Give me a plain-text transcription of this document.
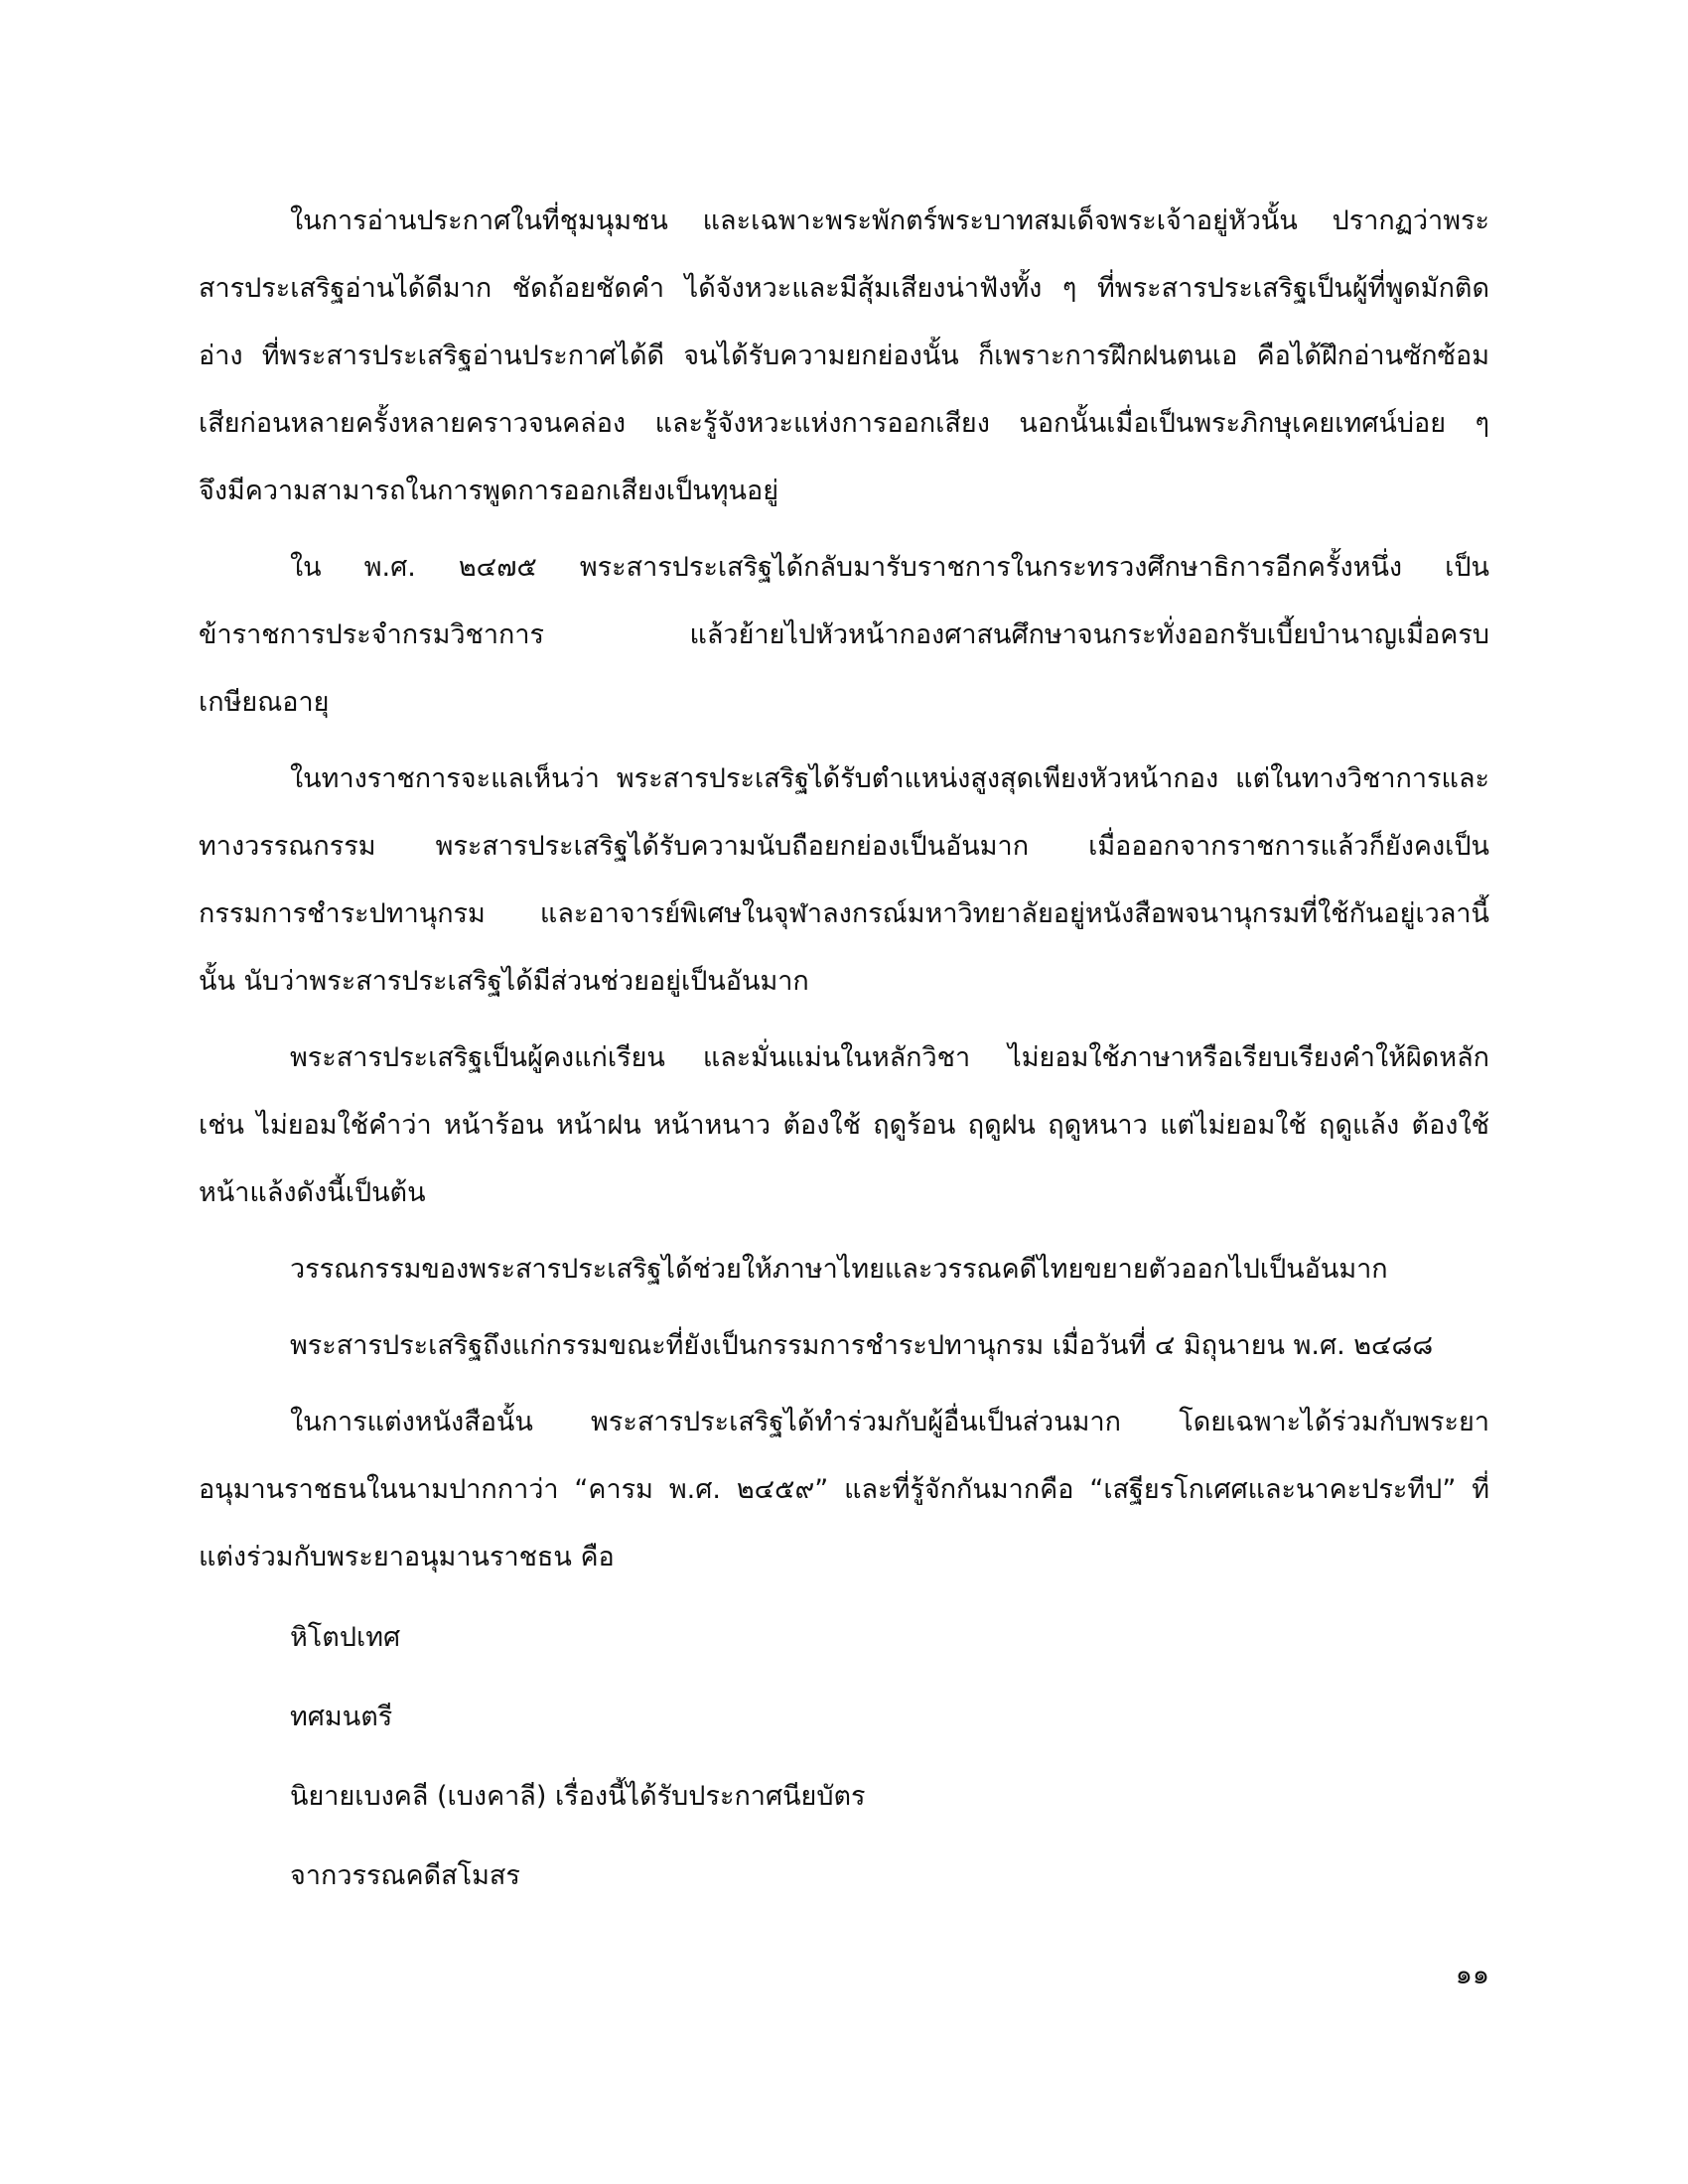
ในการอ่านประกาศในที่ชุมนุมชน และเฉพาะพระพักตร์พระบาทสมเด็จพระเจ้าอยู่หัวนั้น ปรากฏว่าพระ
สารประเสริฐอ่านได้ดีมาก ชัดถ้อยชัดคำ ได้จังหวะและมีสุ้มเสียงน่าฟังทั้ง ๆ ที่พระสารประเสริฐเป็นผู้ที่พูดมักติด
อ่าง ที่พระสารประเสริฐอ่านประกาศได้ดี จนได้รับความยกย่องนั้น ก็เพราะการฝึกฝนตนเอ คือได้ฝึกอ่านซักซ้อม
เสียก่อนหลายครั้งหลายคราวจนคล่อง และรู้จังหวะแห่งการออกเสียง นอกนั้นเมื่อเป็นพระภิกษุเคยเทศน์บ่อย ๆ
จึงมีความสามารถในการพูดการออกเสียงเป็นทุนอยู่
ใน พ.ศ. ๒๔๗๕ พระสารประเสริฐได้กลับมารับราชการในกระทรวงศึกษาธิการอีกครั้งหนึ่ง เป็น
ข้าราชการประจำกรมวิชาการ แล้วย้ายไปหัวหน้ากองศาสนศึกษาจนกระทั่งออกรับเบี้ยบำนาญเมื่อครบ
เกษียณอายุ
ในทางราชการจะแลเห็นว่า พระสารประเสริฐได้รับตำแหน่งสูงสุดเพียงหัวหน้ากอง แต่ในทางวิชาการและ
ทางวรรณกรรม พระสารประเสริฐได้รับความนับถือยกย่องเป็นอันมาก เมื่อออกจากราชการแล้วก็ยังคงเป็น
กรรมการชำระปทานุกรม และอาจารย์พิเศษในจุฬาลงกรณ์มหาวิทยาลัยอยู่หนังสือพจนานุกรมที่ใช้กันอยู่เวลานี้
นั้น นับว่าพระสารประเสริฐได้มีส่วนช่วยอยู่เป็นอันมาก
พระสารประเสริฐเป็นผู้คงแก่เรียน และมั่นแม่นในหลักวิชา ไม่ยอมใช้ภาษาหรือเรียบเรียงคำให้ผิดหลัก
เช่น ไม่ยอมใช้คำว่า หน้าร้อน หน้าฝน หน้าหนาว ต้องใช้ ฤดูร้อน ฤดูฝน ฤดูหนาว แต่ไม่ยอมใช้ ฤดูแล้ง ต้องใช้
หน้าแล้งดังนี้เป็นต้น
วรรณกรรมของพระสารประเสริฐได้ช่วยให้ภาษาไทยและวรรณคดีไทยขยายตัวออกไปเป็นอันมาก
พระสารประเสริฐถึงแก่กรรมขณะที่ยังเป็นกรรมการชำระปทานุกรม เมื่อวันที่ ๔ มิถุนายน พ.ศ. ๒๔๘๘
ในการแต่งหนังสือนั้น พระสารประเสริฐได้ทำร่วมกับผู้อื่นเป็นส่วนมาก โดยเฉพาะได้ร่วมกับพระยา
อนุมานราชธนในนามปากกาว่า “คารม พ.ศ. ๒๔๕๙” และที่รู้จักกันมากคือ “เสฐียรโกเศศและนาคะประทีป” ที่
แต่งร่วมกับพระยาอนุมานราชธน คือ
หิโตปเทศ
ทศมนตรี
นิยายเบงคลี (เบงคาลี) เรื่องนี้ได้รับประกาศนียบัตร
จากวรรณคดีสโมสร
๑๑
